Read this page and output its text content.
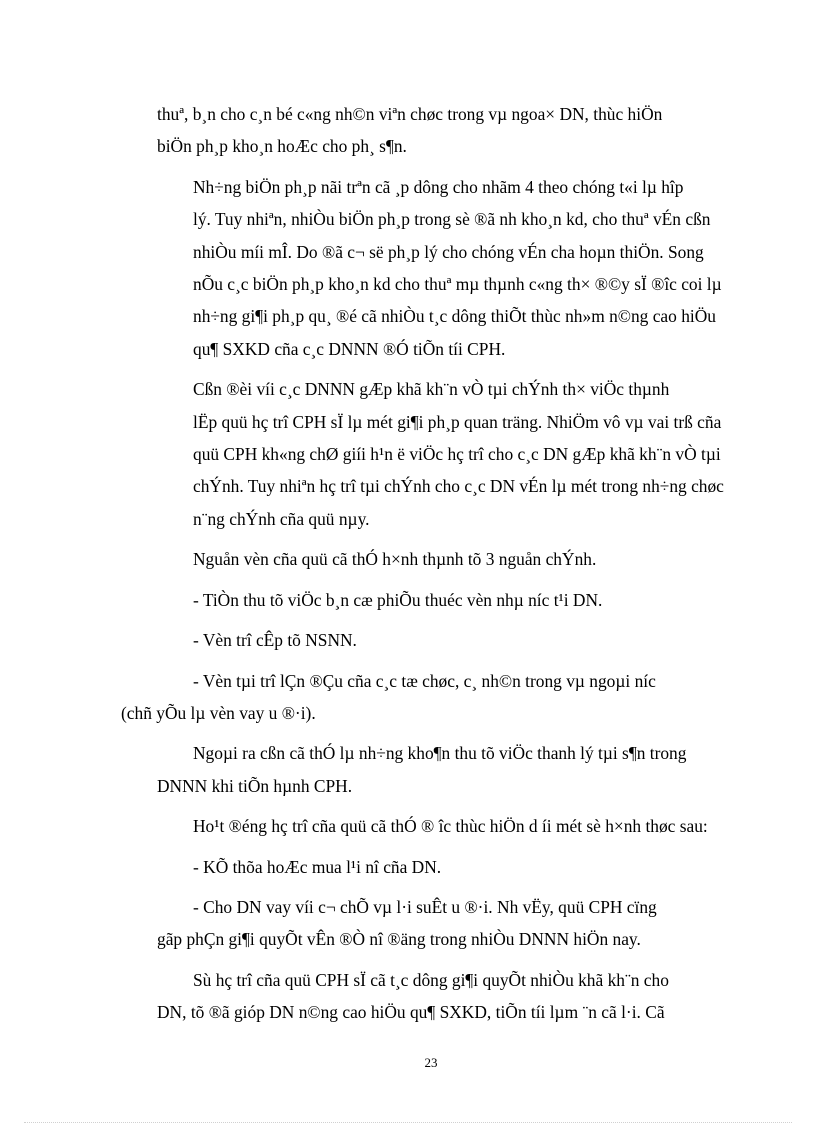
thuª, b¸n cho c¸n bé c«ng nh©n viªn chøc trong vµ ngoa× DN, thùc hiÖn
biÖn ph¸p kho¸n hoÆc cho ph¸ s¶n.

Nh÷ng biÖn ph¸p nãi trªn cã ¸p dông cho nhãm 4 theo chóng t«i lµ hîp
lý. Tuy nhiªn, nhiÒu biÖn ph¸p trong sè ®ã nh kho¸n kd, cho thuª vÉn cßn
nhiÒu míi mÎ. Do ®ã c¬ së ph¸p lý cho chóng vÉn cha hoµn thiÖn. Song
nÕu c¸c biÖn ph¸p kho¸n kd cho thuª mµ thµnh c«ng th× ®©y sÏ ®îc coi lµ
nh÷ng gi¶i ph¸p qu¸ ®é cã nhiÒu t¸c dông thiÕt thùc nh»m n©ng cao hiÖu
qu¶ SXKD cña c¸c DNNN ®Ó tiÕn tíi CPH.

Cßn ®èi víi c¸c DNNN gÆp khã kh¨n vÒ tµi chÝnh th× viÖc thµnh
lËp quü hç trî CPH sÏ lµ mét gi¶i ph¸p quan träng. NhiÖm vô vµ vai trß cña
quü CPH kh«ng chØ giíi h¹n ë viÖc hç trî cho c¸c DN gÆp khã kh¨n vÒ tµi
chÝnh. Tuy nhiªn hç trî tµi chÝnh cho c¸c DN vÉn lµ mét trong nh÷ng chøc
n¨ng chÝnh cña quü nµy.

Nguån vèn cña quü cã thÓ h×nh thµnh tõ 3 nguån chÝnh.

- TiÒn thu tõ viÖc b¸n cæ phiÕu thuéc vèn nhµ níc t¹i DN.

- Vèn trî cÊp tõ NSNN.

- Vèn tµi trî lÇn ®Çu cña c¸c tæ chøc, c¸ nh©n trong vµ ngoµi níc
(chñ yÕu lµ vèn vay u ®·i).

Ngoµi ra cßn cã thÓ lµ nh÷ng kho¶n thu tõ viÖc thanh lý tµi s¶n trong
DNNN khi tiÕn hµnh CPH.

Ho¹t ®éng hç trî cña quü cã thÓ ® îc thùc hiÖn d íi mét sè h×nh thøc sau:

- KÕ thõa hoÆc mua l¹i nî cña DN.

- Cho DN vay víi c¬ chÕ vµ l·i suÊt u ®·i. Nh vËy, quü CPH cïng
gãp phÇn gi¶i quyÕt vÊn ®Ò nî ®äng trong nhiÒu DNNN hiÖn nay.

Sù hç trî cña quü CPH sÏ cã t¸c dông gi¶i quyÕt nhiÒu khã kh¨n cho
DN, tõ ®ã gióp DN n©ng cao hiÖu qu¶ SXKD, tiÕn tíi lµm ¨n cã l·i. Cã

23
